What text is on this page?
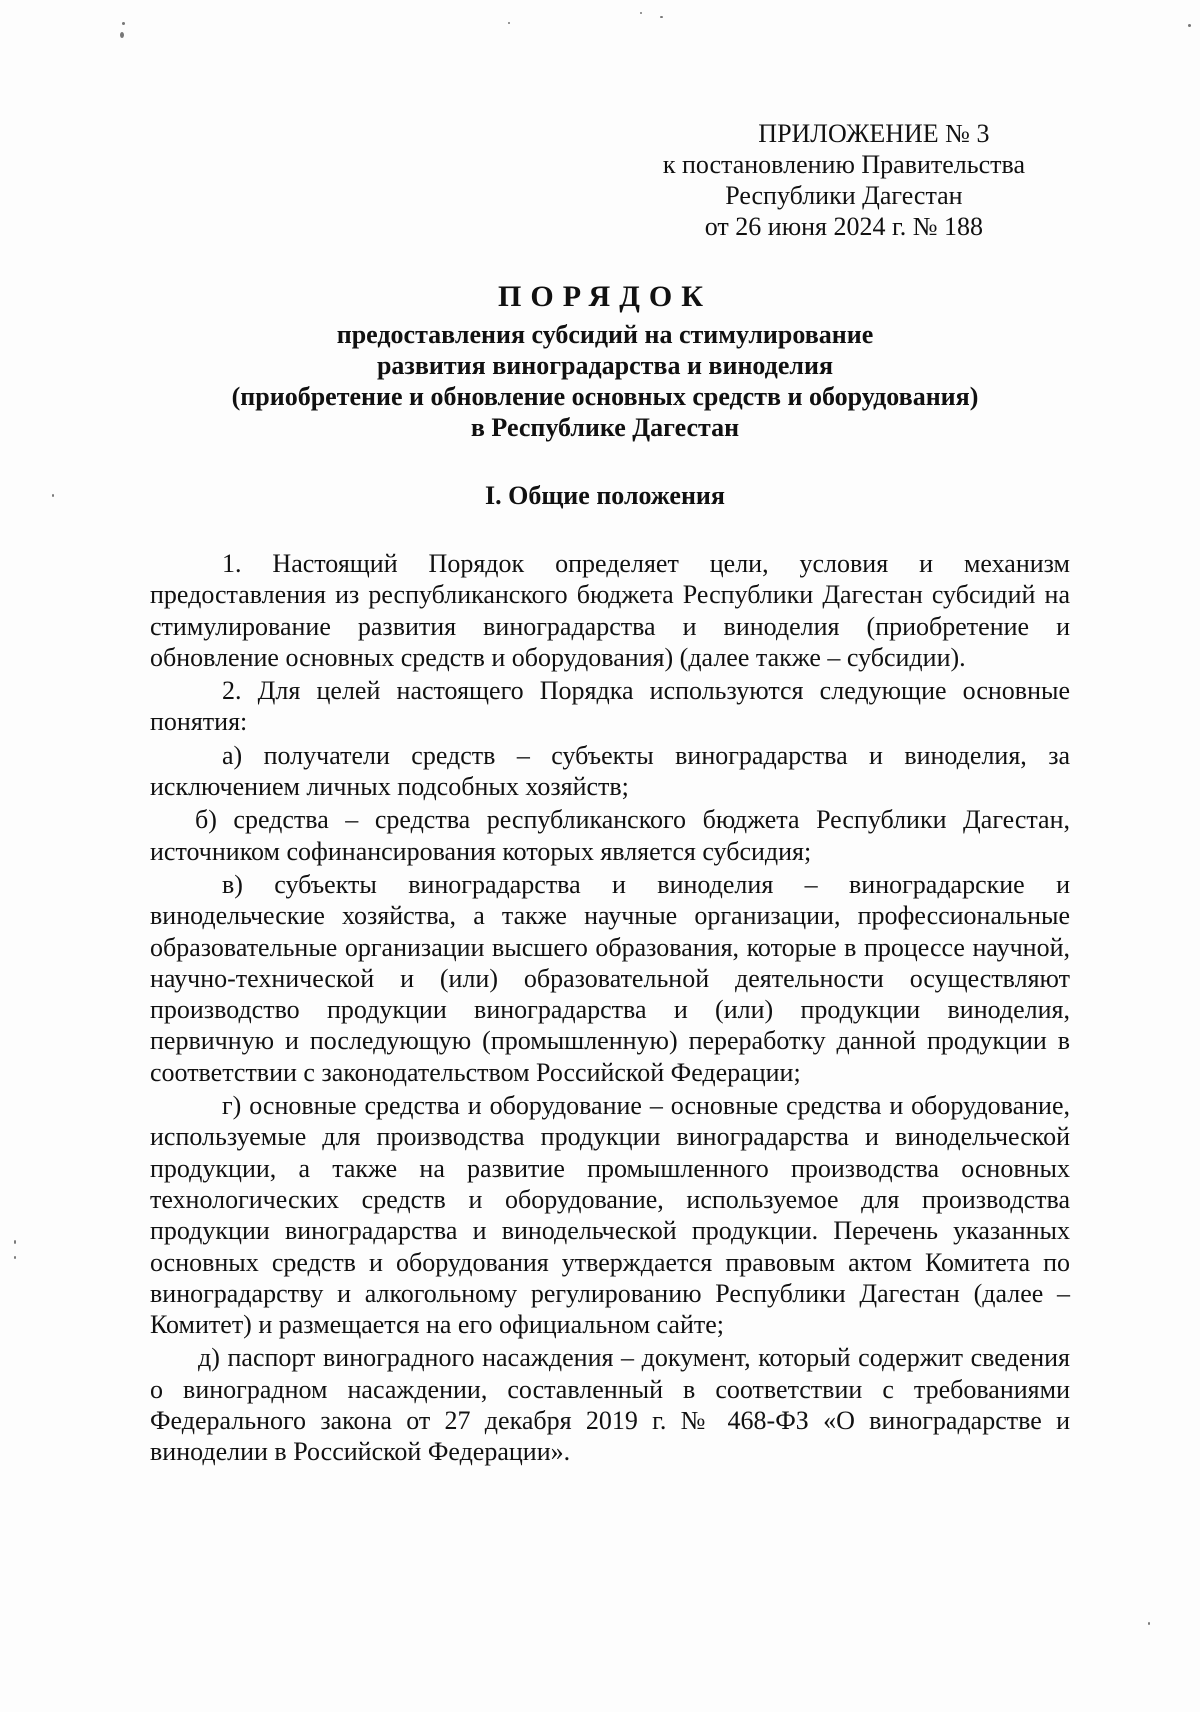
ПРИЛОЖЕНИЕ № 3
к постановлению Правительства
Республики Дагестан
от 26 июня 2024 г. № 188
ПОРЯДОК
предоставления субсидий на стимулирование
развития виноградарства и виноделия
(приобретение и обновление основных средств и оборудования)
в Республике Дагестан
I. Общие положения

1. Настоящий Порядок определяет цели, условия и механизм предоставления из республиканского бюджета Республики Дагестан субсидий на стимулирование развития виноградарства и виноделия (приобретение и обновление основных средств и оборудования) (далее также – субсидии).

2. Для целей настоящего Порядка используются следующие основные понятия:

а) получатели средств – субъекты виноградарства и виноделия, за исключением личных подсобных хозяйств;

б) средства – средства республиканского бюджета Республики Дагестан, источником софинансирования которых является субсидия;

в) субъекты виноградарства и виноделия – виноградарские и винодельческие хозяйства, а также научные организации, профессиональные образовательные организации высшего образования, которые в процессе научной, научно-технической и (или) образовательной деятельности осуществляют производство продукции виноградарства и (или) продукции виноделия, первичную и последующую (промышленную) переработку данной продукции в соответствии с законодательством Российской Федерации;

г) основные средства и оборудование – основные средства и оборудование, используемые для производства продукции виноградарства и винодельческой продукции, а также на развитие промышленного производства основных технологических средств и оборудование, используемое для производства продукции виноградарства и винодельческой продукции. Перечень указанных основных средств и оборудования утверждается правовым актом Комитета по виноградарству и алкогольному регулированию Республики Дагестан (далее – Комитет) и размещается на его официальном сайте;

д) паспорт виноградного насаждения – документ, который содержит сведения о виноградном насаждении, составленный в соответствии с требованиями Федерального закона от 27 декабря 2019 г. № 468-ФЗ «О виноградарстве и виноделии в Российской Федерации».
